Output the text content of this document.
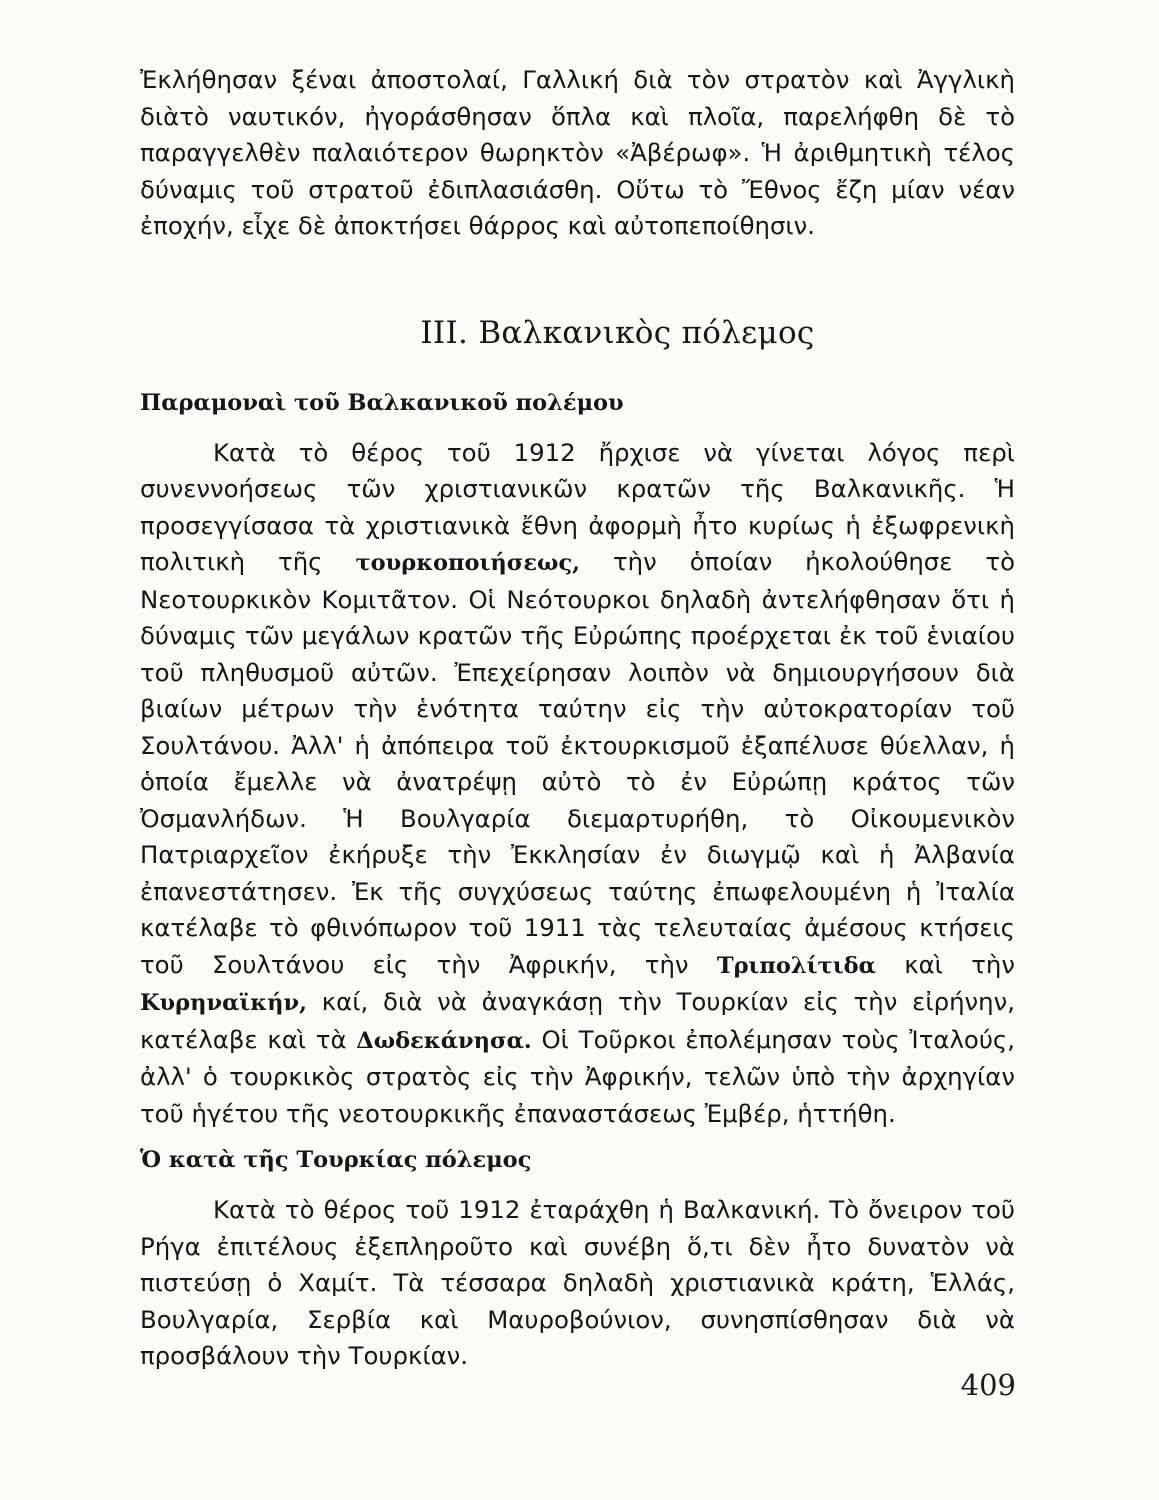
Ἐκλήθησαν ξέναι ἀποστολαί, Γαλλική διὰ τὸν στρατὸν καὶ Ἀγγλικὴ διὰτὸ ναυτικόν, ἠγοράσθησαν ὅπλα καὶ πλοῖα, παρελήφθη δὲ τὸ παραγγελθὲν παλαιότερον θωρηκτὸν «Ἀβέρωφ». Ἡ ἀριθμητικὴ τέλος δύναμις τοῦ στρατοῦ ἐδιπλασιάσθη. Οὕτω τὸ Ἔθνος ἔζη μίαν νέαν ἐποχήν, εἶχε δὲ ἀποκτήσει θάρρος καὶ αὐτοπεποίθησιν.

III. Βαλκανικὸς πόλεμος
Παραμοναὶ τοῦ Βαλκανικοῦ πολέμου

Κατὰ τὸ θέρος τοῦ 1912 ἤρχισε νὰ γίνεται λόγος περὶ συνεννοήσεως τῶν χριστιανικῶν κρατῶν τῆς Βαλκανικῆς. Ἡ προσεγγίσασα τὰ χριστιανικὰ ἔθνη ἀφορμὴ ἦτο κυρίως ἡ ἐξωφρενικὴ πολιτικὴ τῆς τουρκοποιήσεως, τὴν ὁποίαν ἠκολούθησε τὸ Νεοτουρκικὸν Κομιτᾶτον. Οἱ Νεότουρκοι δηλαδὴ ἀντελήφθησαν ὅτι ἡ δύναμις τῶν μεγάλων κρατῶν τῆς Εὐρώπης προέρχεται ἐκ τοῦ ἑνιαίου τοῦ πληθυσμοῦ αὐτῶν. Ἐπεχείρησαν λοιπὸν νὰ δημιουργήσουν διὰ βιαίων μέτρων τὴν ἑνότητα ταύτην εἰς τὴν αὐτοκρατορίαν τοῦ Σουλτάνου. Ἀλλ' ἡ ἀπόπειρα τοῦ ἐκτουρκισμοῦ ἐξαπέλυσε θύελλαν, ἡ ὁποία ἔμελλε νὰ ἀνατρέψῃ αὐτὸ τὸ ἐν Εὐρώπῃ κράτος τῶν Ὀσμανλήδων. Ἡ Βουλγαρία διεμαρτυρήθη, τὸ Οἰκουμενικὸν Πατριαρχεῖον ἐκήρυξε τὴν Ἐκκλησίαν ἐν διωγμῷ καὶ ἡ Ἀλβανία ἐπανεστάτησεν. Ἐκ τῆς συγχύσεως ταύτης ἐπωφελουμένη ἡ Ἰταλία κατέλαβε τὸ φθινόπωρον τοῦ 1911 τὰς τελευταίας ἀμέσους κτήσεις τοῦ Σουλτάνου εἰς τὴν Ἀφρικήν, τὴν Τριπολίτιδα καὶ τὴν Κυρηναϊκήν, καί, διὰ νὰ ἀναγκάσῃ τὴν Τουρκίαν εἰς τὴν εἰρήνην, κατέλαβε καὶ τὰ Δωδεκάνησα. Οἱ Τοῦρκοι ἐπολέμησαν τοὺς Ἰταλούς, ἀλλ' ὁ τουρκικὸς στρατὸς εἰς τὴν Ἀφρικήν, τελῶν ὑπὸ τὴν ἀρχηγίαν τοῦ ἡγέτου τῆς νεοτουρκικῆς ἐπαναστάσεως Ἐμβέρ, ἡττήθη.

Ὁ κατὰ τῆς Τουρκίας πόλεμος

Κατὰ τὸ θέρος τοῦ 1912 ἐταράχθη ἡ Βαλκανική. Τὸ ὄνειρον τοῦ Ρήγα ἐπιτέλους ἐξεπληροῦτο καὶ συνέβη ὅ,τι δὲν ἦτο δυνατὸν νὰ πιστεύσῃ ὁ Χαμίτ. Τὰ τέσσαρα δηλαδὴ χριστιανικὰ κράτη, Ἑλλάς, Βουλγαρία, Σερβία καὶ Μαυροβούνιον, συνησπίσθησαν διὰ νὰ προσβάλουν τὴν Τουρκίαν.

409
